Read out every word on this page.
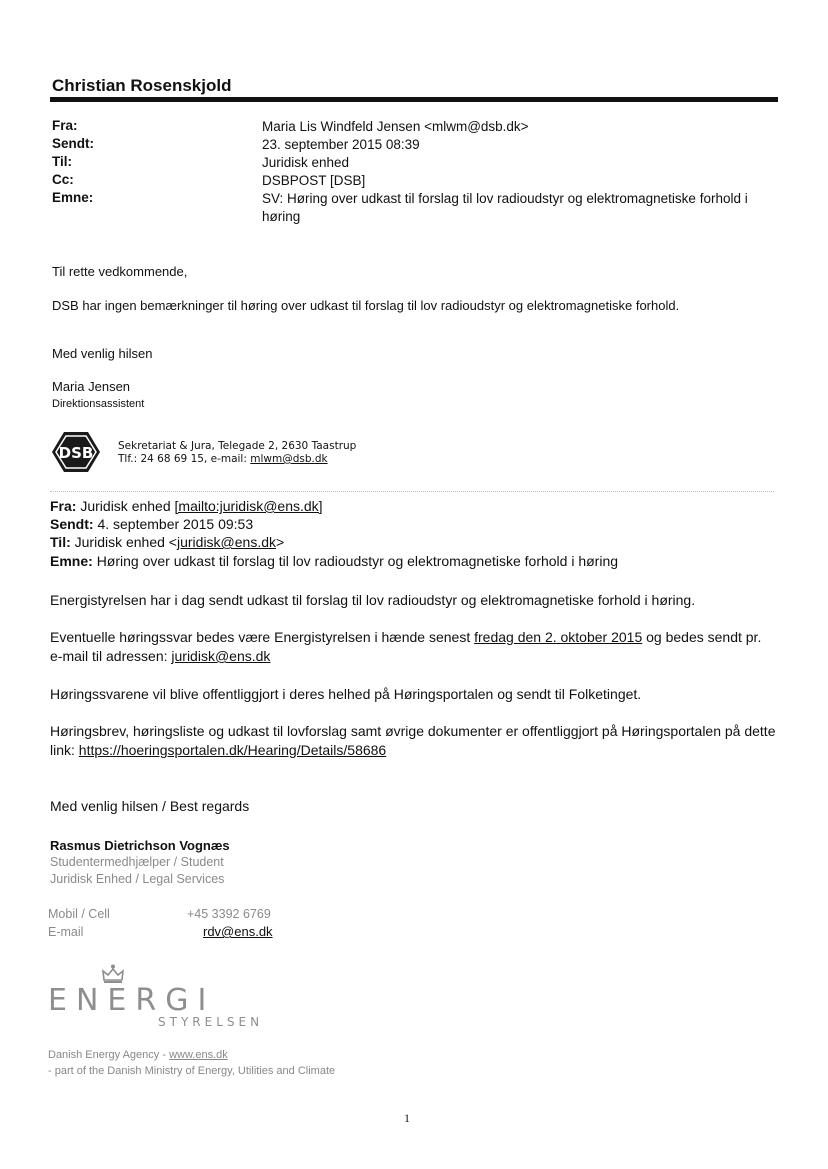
Christian Rosenskjold
Fra:	Maria Lis Windfeld Jensen <mlwm@dsb.dk>
Sendt:	23. september 2015 08:39
Til:	Juridisk enhed
Cc:	DSBPOST [DSB]
Emne:	SV: Høring over udkast til forslag til lov radioudstyr og elektromagnetiske forhold i høring
Til rette vedkommende,
DSB har ingen bemærkninger til høring over udkast til forslag til lov radioudstyr og elektromagnetiske forhold.
Med venlig hilsen
Maria Jensen
Direktionsassistent
DSB Sekretariat & Jura, Telegade 2, 2630 Taastrup
Tlf.: 24 68 69 15, e-mail: mlwm@dsb.dk
Fra: Juridisk enhed [mailto:juridisk@ens.dk]
Sendt: 4. september 2015 09:53
Til: Juridisk enhed <juridisk@ens.dk>
Emne: Høring over udkast til forslag til lov radioudstyr og elektromagnetiske forhold i høring
Energistyrelsen har i dag sendt udkast til forslag til lov radioudstyr og elektromagnetiske forhold i høring.
Eventuelle høringssvar bedes være Energistyrelsen i hænde senest fredag den 2. oktober 2015 og bedes sendt pr. e-mail til adressen: juridisk@ens.dk
Høringssvarene vil blive offentliggjort i deres helhed på Høringsportalen og sendt til Folketinget.
Høringsbrev, høringsliste og udkast til lovforslag samt øvrige dokumenter er offentliggjort på Høringsportalen på dette link: https://hoeringsportalen.dk/Hearing/Details/58686
Med venlig hilsen / Best regards
Rasmus Dietrichson Vognæs
Studentermedhjælper / Student
Juridisk Enhed / Legal Services
Mobil / Cell	+45 3392 6769
E-mail	rdv@ens.dk
ENERGI
STYRELSEN
Danish Energy Agency - www.ens.dk
- part of the Danish Ministry of Energy, Utilities and Climate
1
